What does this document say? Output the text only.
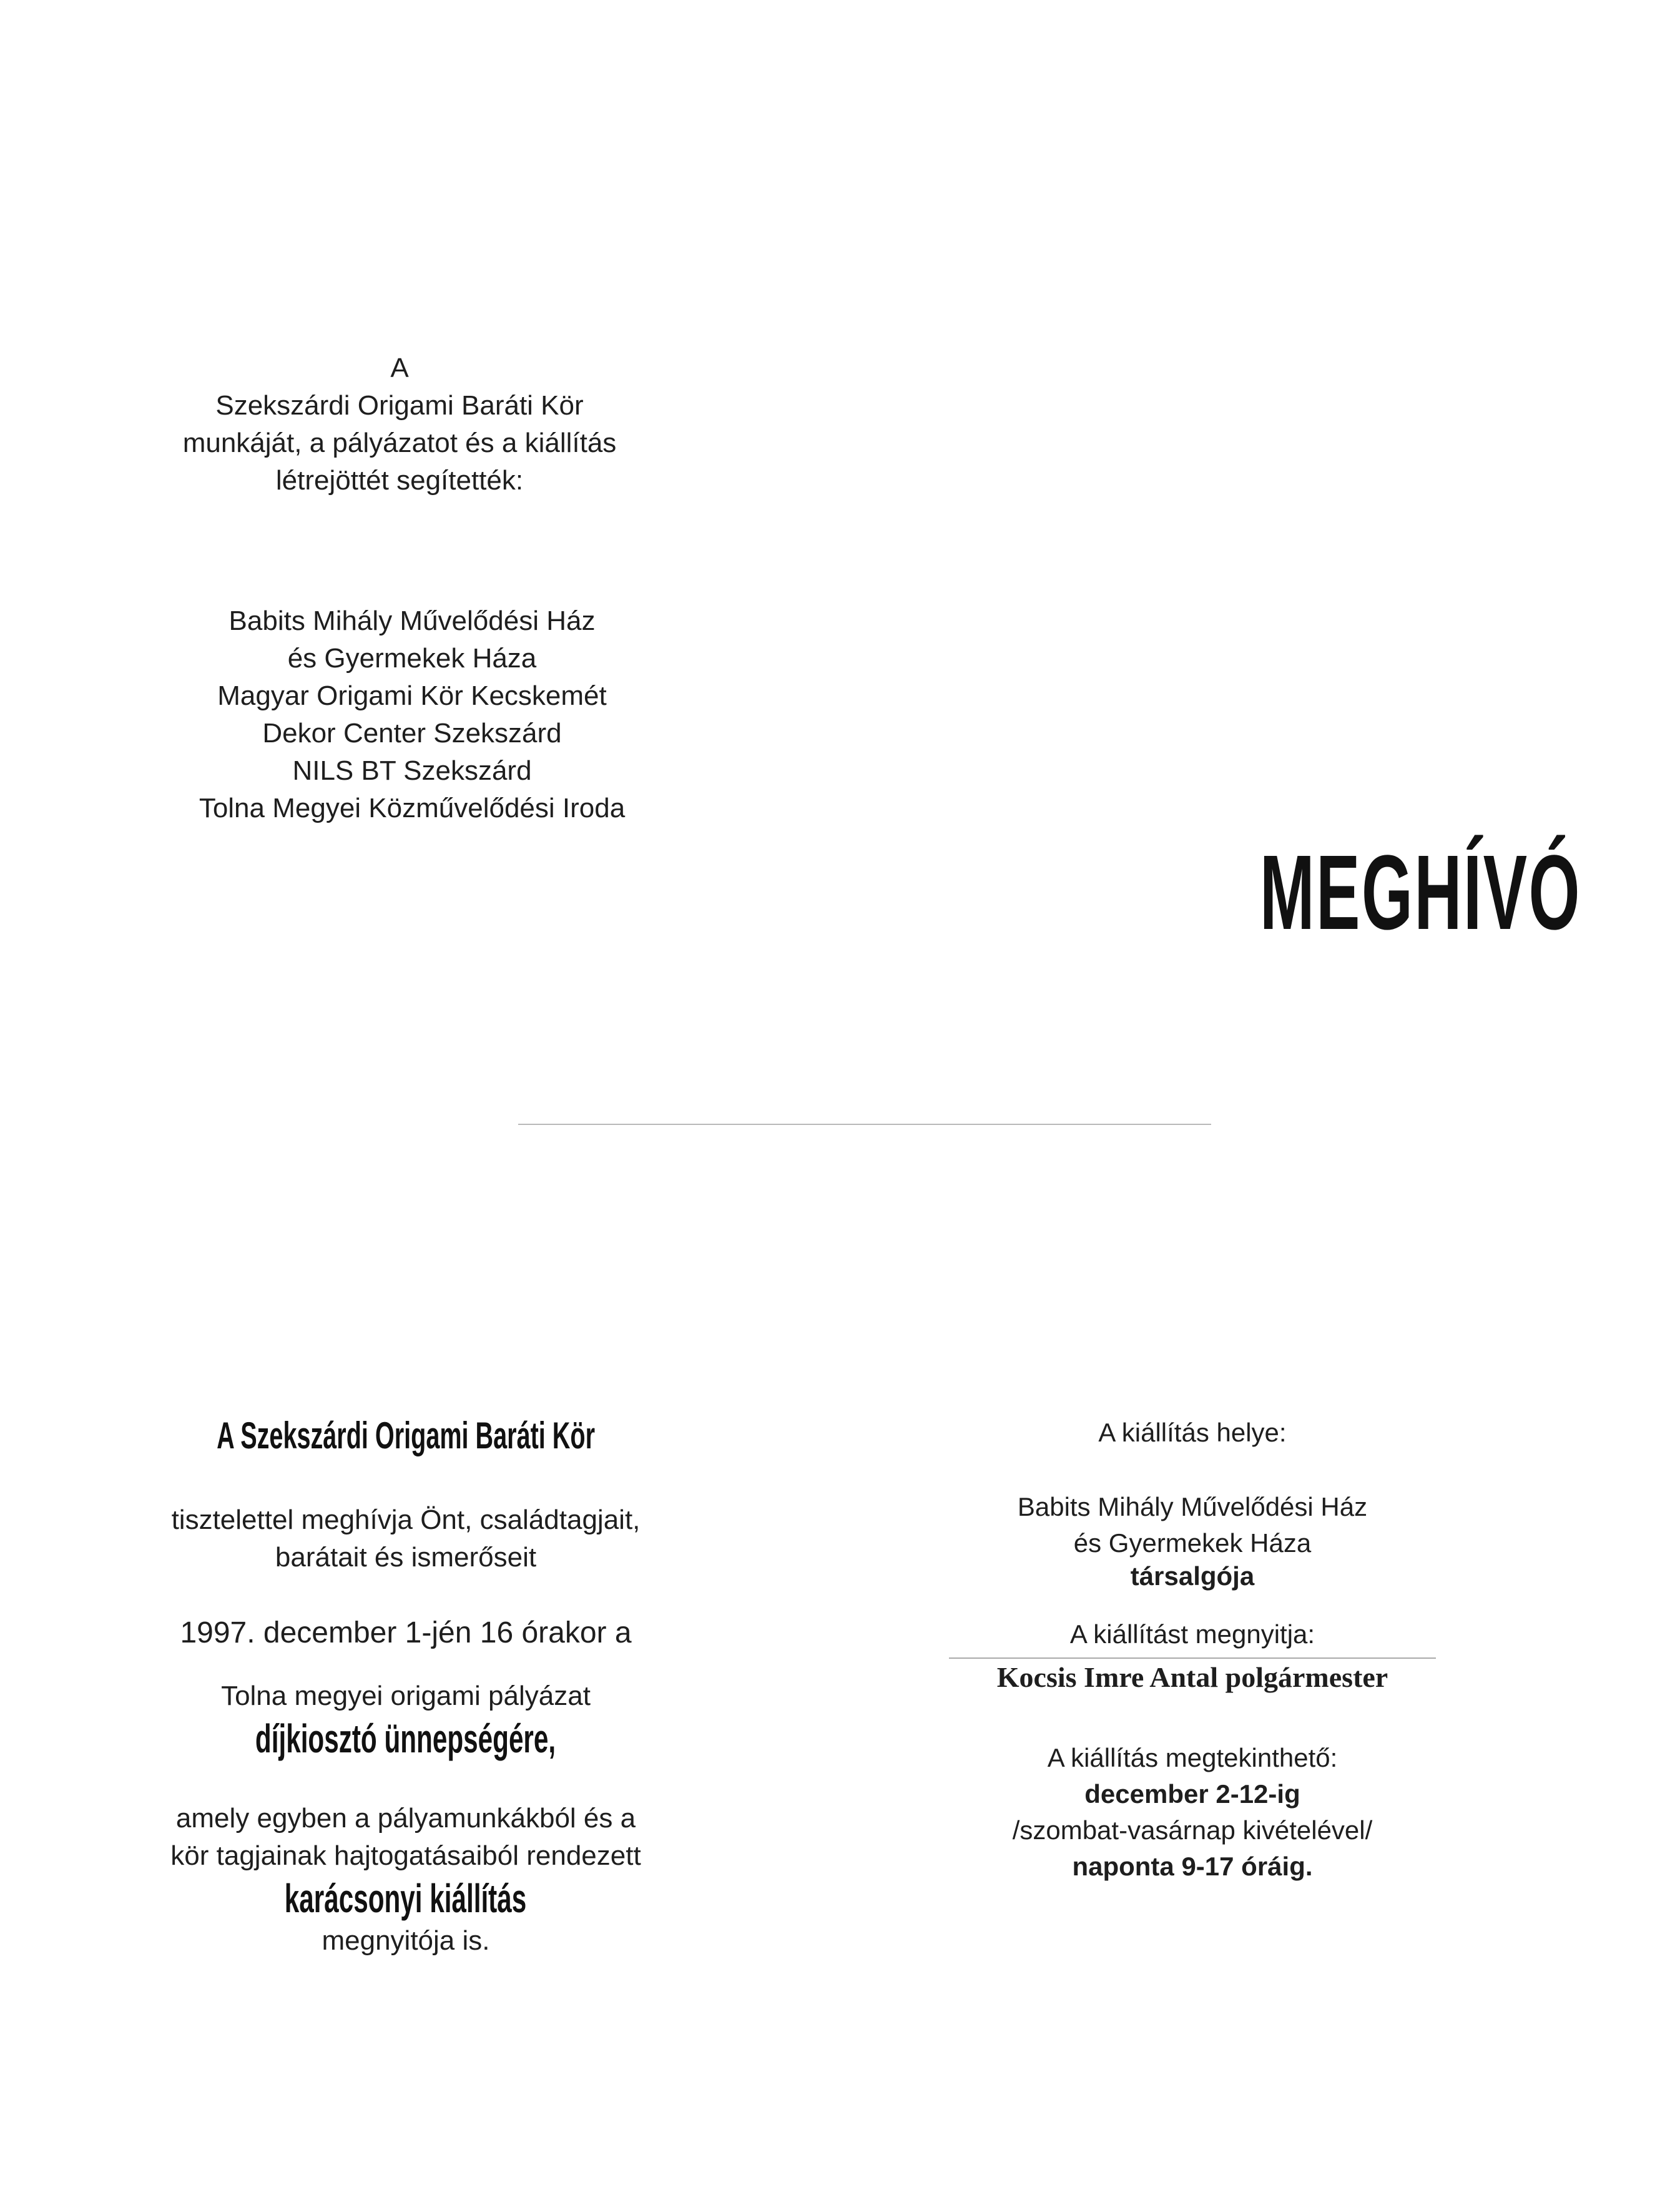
A
Szekszárdi Origami Baráti Kör
munkáját, a pályázatot és a kiállítás
létrejöttét segítették:
Babits Mihály Művelődési Ház
és Gyermekek Háza
Magyar Origami Kör Kecskemét
Dekor Center Szekszárd
NILS BT Szekszárd
Tolna Megyei Közművelődési Iroda
MEGHÍVÓ
A Szekszárdi Origami Baráti Kör
tisztelettel meghívja Önt, családtagjait,
barátait és ismerőseit
1997. december 1-jén 16 órakor a
Tolna megyei origami pályázat
díjkiosztó ünnepségére,
amely egyben a pályamunkákból és a
kör tagjainak hajtogatásaiból rendezett
karácsonyi kiállítás
megnyitója is.
A kiállítás helye:
Babits Mihály Művelődési Ház
és Gyermekek Háza
társalgója
A kiállítást megnyitja:
Kocsis Imre Antal polgármester
A kiállítás megtekinthető:
december 2-12-ig
/szombat-vasárnap kivételével/
naponta 9-17 óráig.
